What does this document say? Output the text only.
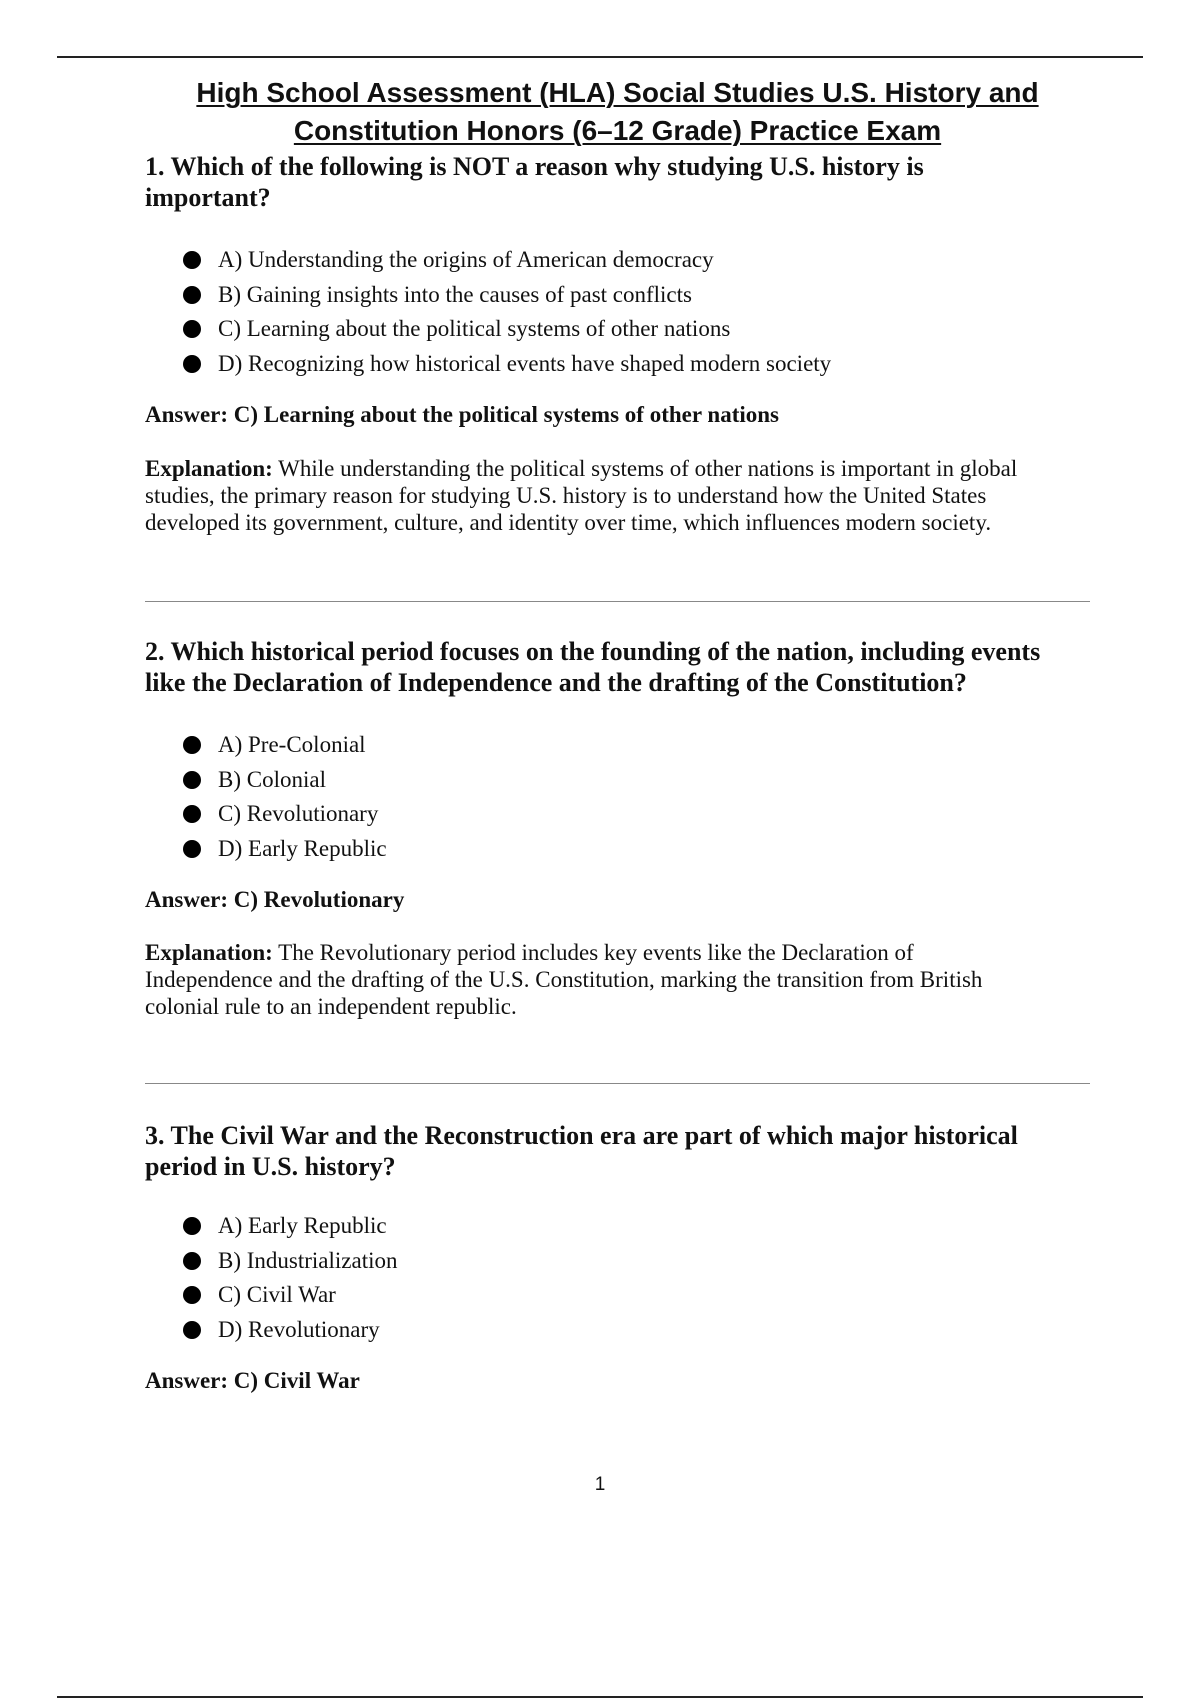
High School Assessment (HLA) Social Studies U.S. History and
Constitution Honors (6–12 Grade) Practice Exam

1. Which of the following is NOT a reason why studying U.S. history is
important?

A) Understanding the origins of American democracy
B) Gaining insights into the causes of past conflicts
C) Learning about the political systems of other nations
D) Recognizing how historical events have shaped modern society
Answer: C) Learning about the political systems of other nations
Explanation: While understanding the political systems of other nations is important in global
studies, the primary reason for studying U.S. history is to understand how the United States
developed its government, culture, and identity over time, which influences modern society.

2. Which historical period focuses on the founding of the nation, including events
like the Declaration of Independence and the drafting of the Constitution?

A) Pre-Colonial
B) Colonial
C) Revolutionary
D) Early Republic
Answer: C) Revolutionary
Explanation: The Revolutionary period includes key events like the Declaration of
Independence and the drafting of the U.S. Constitution, marking the transition from British
colonial rule to an independent republic.

3. The Civil War and the Reconstruction era are part of which major historical
period in U.S. history?

A) Early Republic
B) Industrialization
C) Civil War
D) Revolutionary
Answer: C) Civil War
1
